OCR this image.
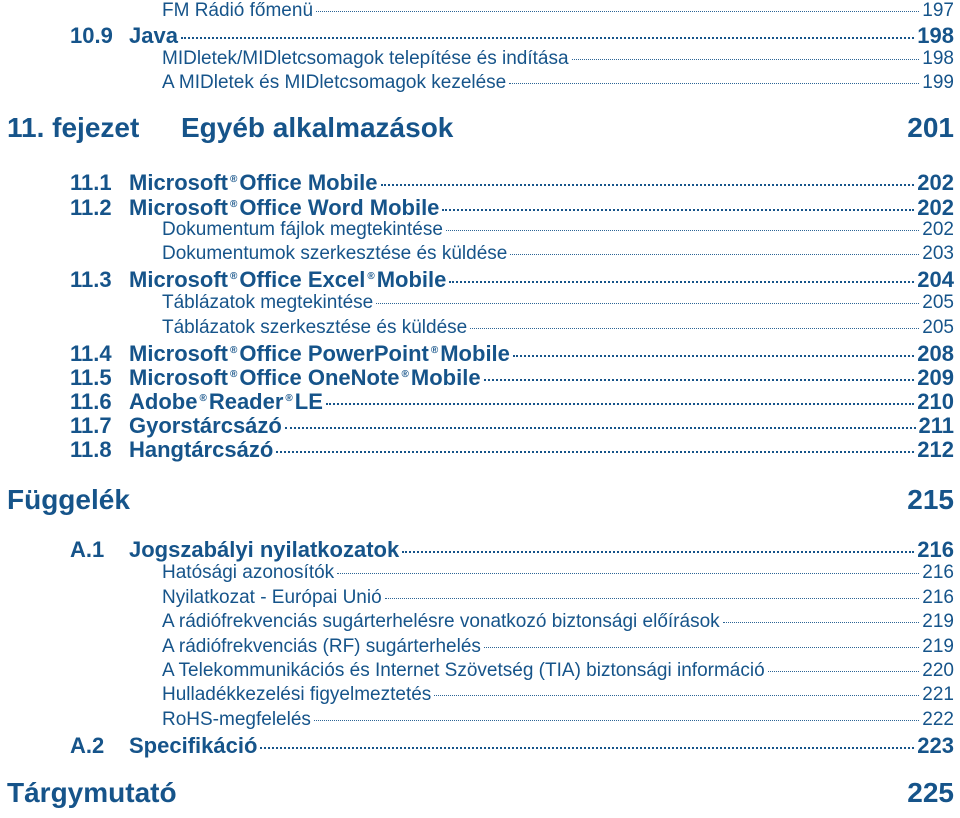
FM Rádió főmenü	197
10.9 Java	198
MIDletek/MIDletcsomagok telepítése és indítása	198
A MIDletek és MIDletcsomagok kezelése	199
11. fejezet	Egyéb alkalmazások	201
11.1 Microsoft ®Office Mobile	202
11.2 Microsoft ®Office Word Mobile	202
Dokumentum fájlok megtekintése	202
Dokumentumok szerkesztése és küldése	203
11.3 Microsoft ®Office Excel ®Mobile	204
Táblázatok megtekintése	205
Táblázatok szerkesztése és küldése	205
11.4 Microsoft ®Office PowerPoint ®Mobile	208
11.5 Microsoft ®Office OneNote ®Mobile	209
11.6 Adobe ®Reader ®LE	210
11.7 Gyorstárcsázó	211
11.8 Hangtárcsázó	212
Függelék	215
A.1	Jogszabályi nyilatkozatok	216
Hatósági azonosítók	216
Nyilatkozat - Európai Unió	216
A rádiófrekvenciás sugárterhelésre vonatkozó biztonsági előírások	219
A rádiófrekvenciás (RF) sugárterhelés	219
A Telekommunikációs és Internet Szövetség (TIA) biztonsági információ	220
Hulladékkezelési figyelmeztetés	221
RoHS-megfelelés	222
A.2	Specifikáció	223
Tárgymutató	225
